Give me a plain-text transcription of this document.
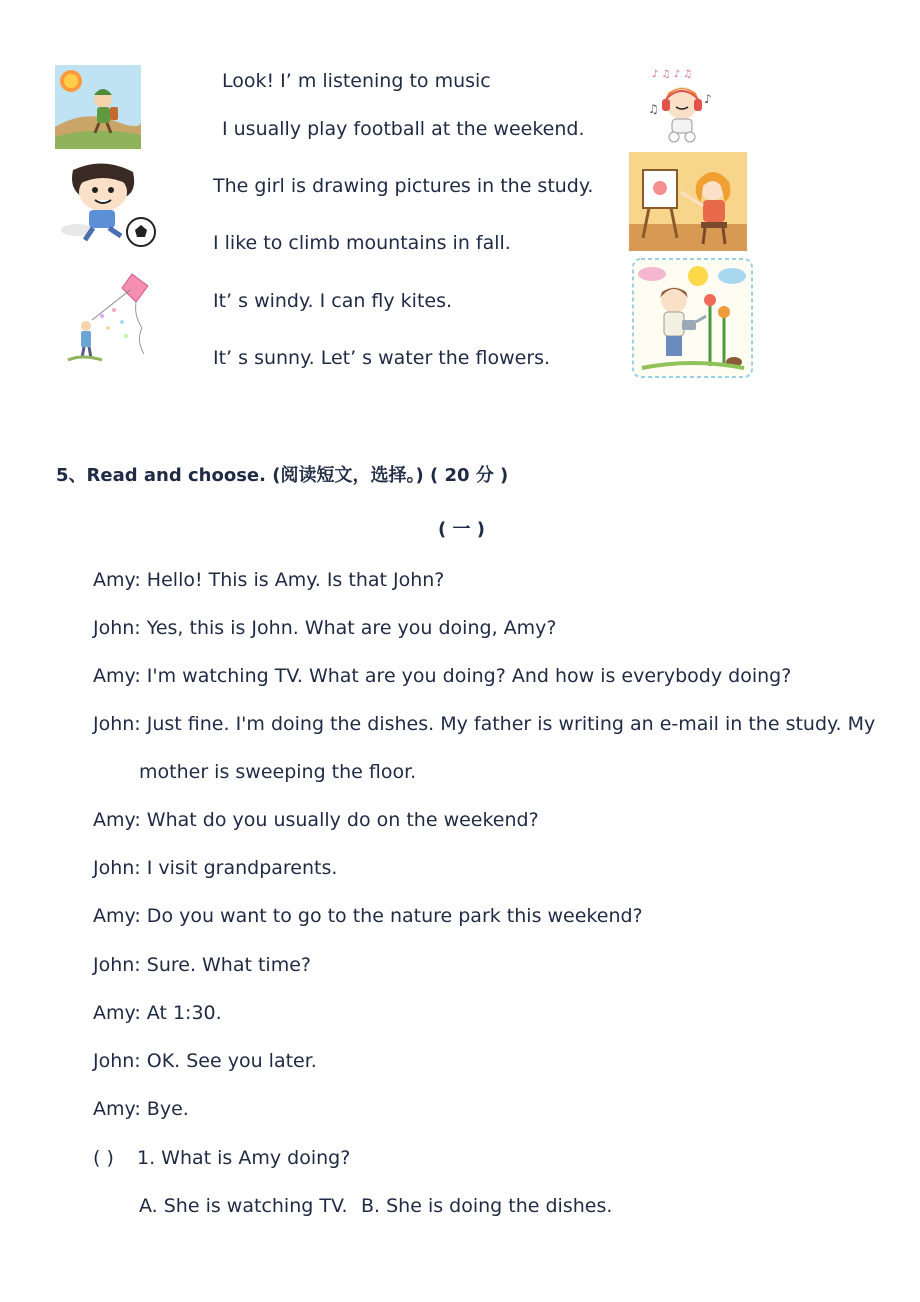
Look! I’ m listening to music
I usually play football at the weekend.
The girl is drawing pictures in the study.
I like to climb mountains in fall.
It’ s windy. I can fly kites.
It’ s sunny. Let’ s water the flowers.
♪ ♫ ♪ ♫
♪
♫
5、Read and choose. (阅读短文，选择。) ( 20 分 )
( 一 )
Amy: Hello! This is Amy. Is that John?
John: Yes, this is John. What are you doing, Amy?
Amy: I'm watching TV. What are you doing? And how is everybody doing?
John: Just fine. I'm doing the dishes. My father is writing an e-mail in the study. My
mother is sweeping the floor.
Amy: What do you usually do on the weekend?
John: I visit grandparents.
Amy: Do you want to go to the nature park this weekend?
John: Sure. What time?
Amy: At 1:30.
John: OK. See you later.
Amy: Bye.
( ) 1. What is Amy doing?
A. She is watching TV. B. She is doing the dishes.
